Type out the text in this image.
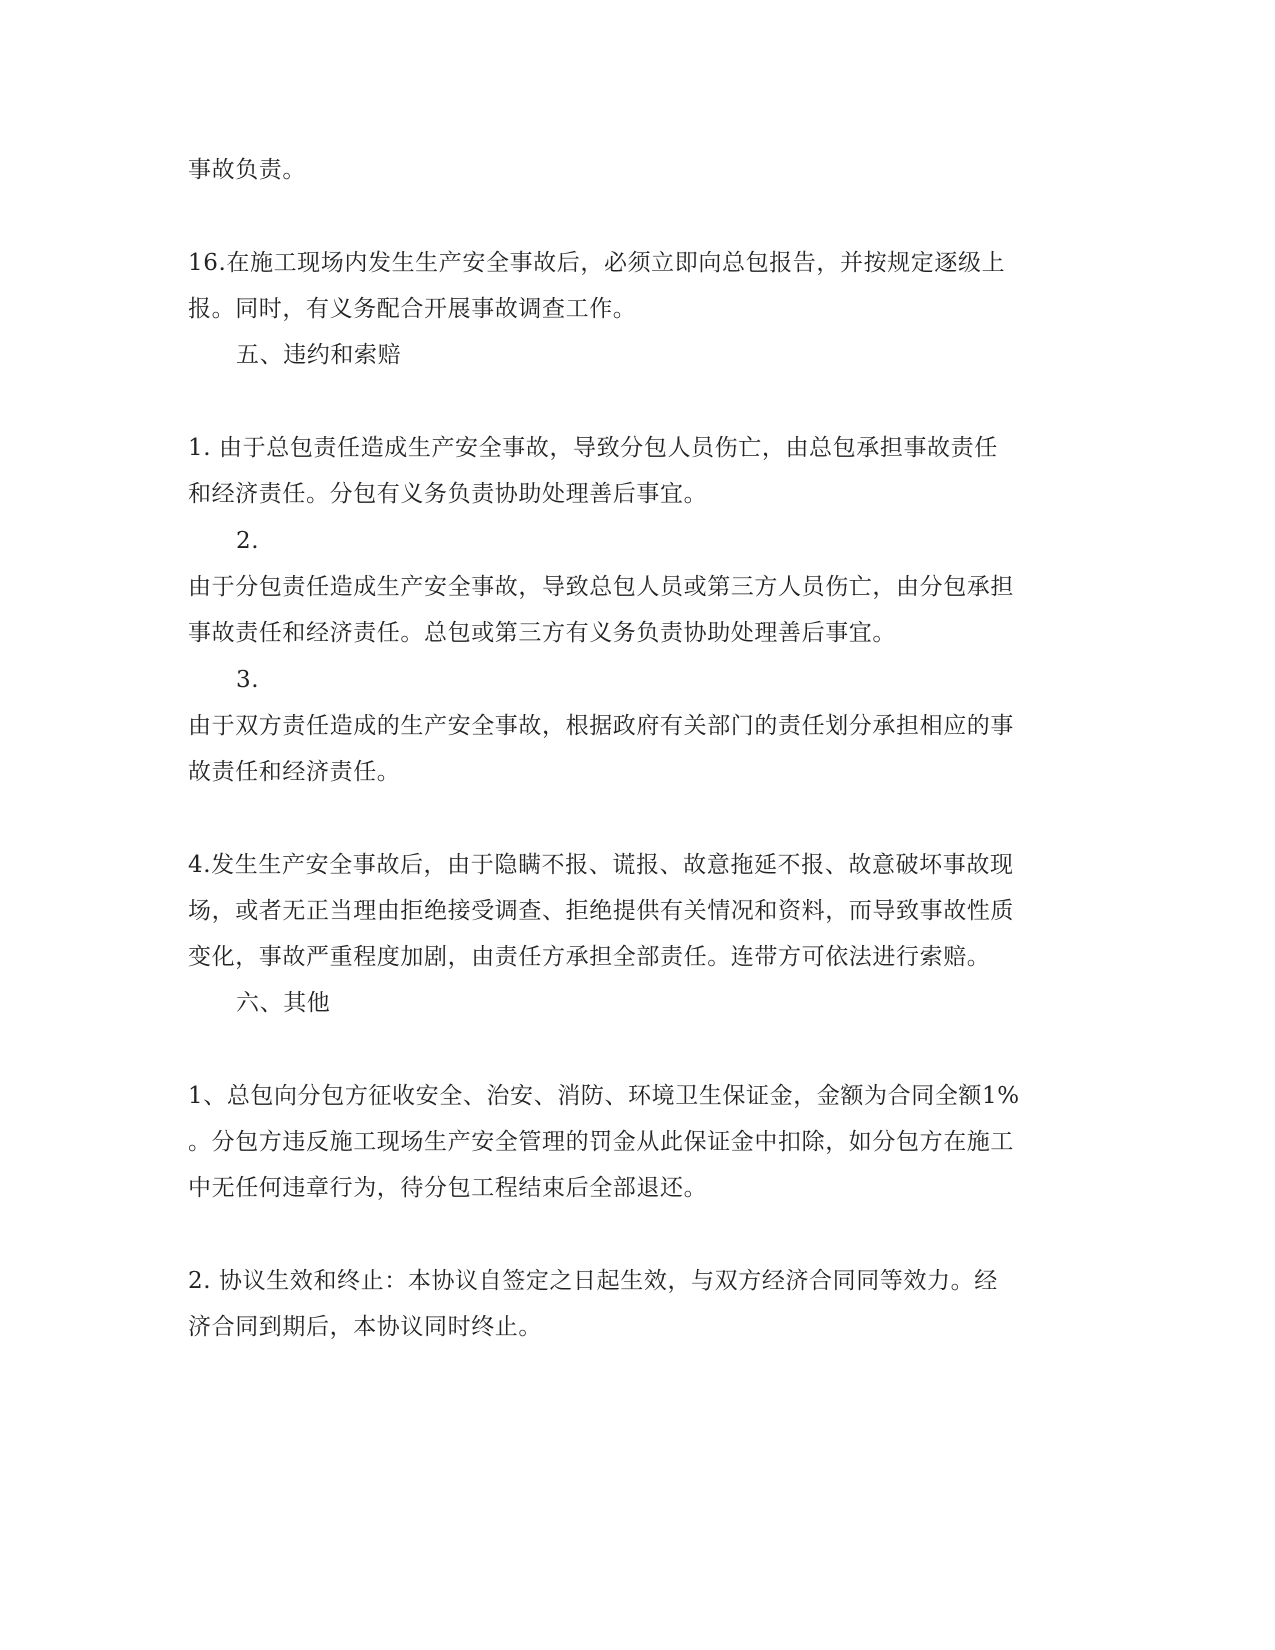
事故负责。

16.在施工现场内发生生产安全事故后，必须立即向总包报告，并按规定逐级上

报。同时，有义务配合开展事故调查工作。

五、违约和索赔

1. 由于总包责任造成生产安全事故，导致分包人员伤亡，由总包承担事故责任

和经济责任。分包有义务负责协助处理善后事宜。

2.

由于分包责任造成生产安全事故，导致总包人员或第三方人员伤亡，由分包承担

事故责任和经济责任。总包或第三方有义务负责协助处理善后事宜。

3.

由于双方责任造成的生产安全事故，根据政府有关部门的责任划分承担相应的事

故责任和经济责任。

4.发生生产安全事故后，由于隐瞒不报、谎报、故意拖延不报、故意破坏事故现

场，或者无正当理由拒绝接受调查、拒绝提供有关情况和资料，而导致事故性质

变化，事故严重程度加剧，由责任方承担全部责任。连带方可依法进行索赔。

六、其他

1、总包向分包方征收安全、治安、消防、环境卫生保证金，金额为合同全额1%

。分包方违反施工现场生产安全管理的罚金从此保证金中扣除，如分包方在施工

中无任何违章行为，待分包工程结束后全部退还。

2. 协议生效和终止：本协议自签定之日起生效，与双方经济合同同等效力。经

济合同到期后，本协议同时终止。
